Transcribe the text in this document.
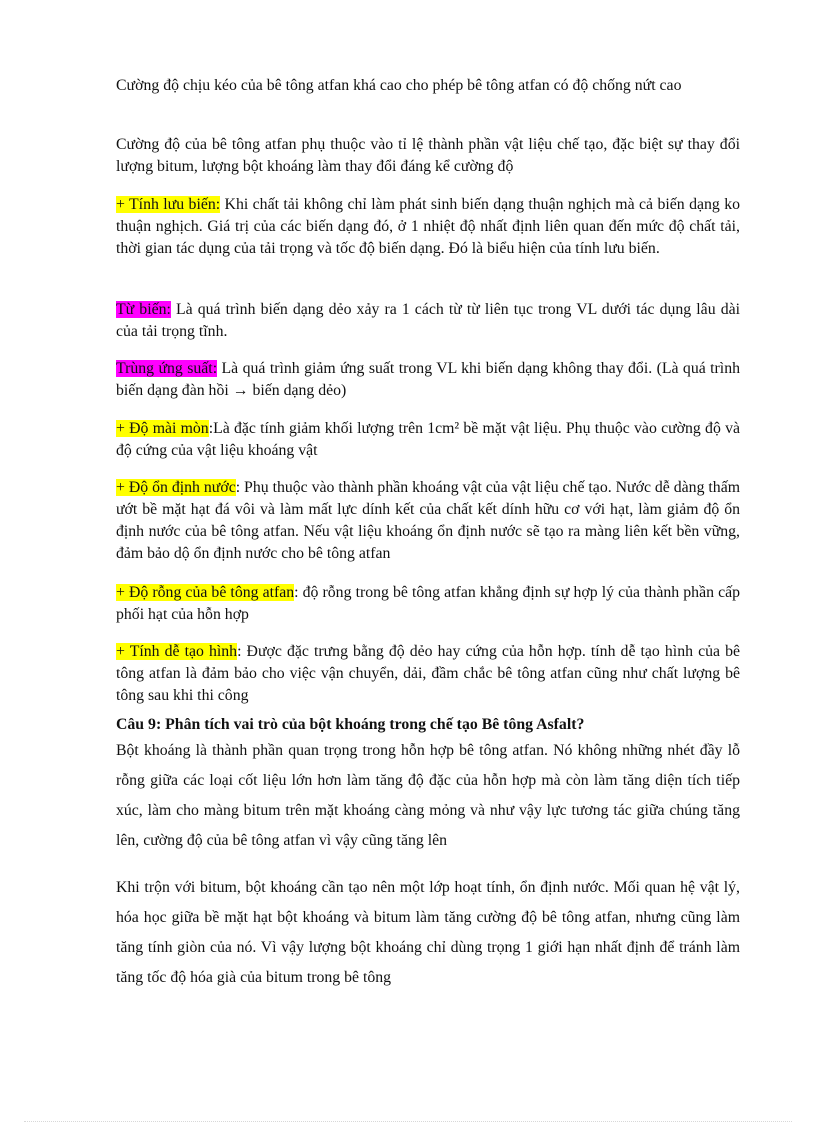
Cường độ chịu kéo của bê tông atfan khá cao cho phép bê tông atfan có độ chống nứt cao

Cường độ của bê tông atfan phụ thuộc vào tỉ lệ thành phần vật liệu chế tạo, đặc biệt sự thay đổi lượng bitum, lượng bột khoáng làm thay đổi đáng kể cường độ

+ Tính lưu biến: Khi chất tải không chỉ làm phát sinh biến dạng thuận nghịch mà cả biến dạng ko thuận nghịch. Giá trị của các biến dạng đó, ở 1 nhiệt độ nhất định liên quan đến mức độ chất tải, thời gian tác dụng của tải trọng và tốc độ biến dạng. Đó là biểu hiện của tính lưu biến.

Từ biến: Là quá trình biến dạng dẻo xảy ra 1 cách từ từ liên tục trong VL dưới tác dụng lâu dài của tải trọng tĩnh.

Trùng ứng suất: Là quá trình giảm ứng suất trong VL khi biến dạng không thay đổi. (Là quá trình biến dạng đàn hồi → biến dạng dẻo)

+ Độ mài mòn:Là đặc tính giảm khối lượng trên 1cm² bề mặt vật liệu. Phụ thuộc vào cường độ và độ cứng của vật liệu khoáng vật

+ Độ ổn định nước: Phụ thuộc vào thành phần khoáng vật của vật liệu chế tạo. Nước dễ dàng thấm ướt bề mặt hạt đá vôi và làm mất lực dính kết của chất kết dính hữu cơ với hạt, làm giảm độ ổn định nước của bê tông atfan. Nếu vật liệu khoáng ổn định nước sẽ tạo ra màng liên kết bền vững, đảm bảo dộ ổn định nước cho bê tông atfan

+ Độ rỗng của bê tông atfan: độ rỗng trong bê tông atfan khẳng định sự hợp lý của thành phần cấp phối hạt của hỗn hợp

+ Tính dễ tạo hình: Được đặc trưng bằng độ dẻo hay cứng của hỗn hợp. tính dễ tạo hình của bê tông atfan là đảm bảo cho việc vận chuyển, dải, đầm chắc bê tông atfan cũng như chất lượng bê tông sau khi thi công

Câu 9: Phân tích vai trò của bột khoáng trong chế tạo Bê tông Asfalt?
Bột khoáng là thành phần quan trọng trong hỗn hợp bê tông atfan. Nó không những nhét đầy lỗ rỗng giữa các loại cốt liệu lớn hơn làm tăng độ đặc của hỗn hợp mà còn làm tăng diện tích tiếp xúc, làm cho màng bitum trên mặt khoáng càng mỏng và như vậy lực tương tác giữa chúng tăng lên, cường độ của bê tông atfan vì vậy cũng tăng lên

Khi trộn với bitum, bột khoáng cần tạo nên một lớp hoạt tính, ổn định nước. Mối quan hệ vật lý, hóa học giữa bề mặt hạt bột khoáng và bitum làm tăng cường độ bê tông atfan, nhưng cũng làm tăng tính giòn của nó. Vì vậy lượng bột khoáng chỉ dùng trọng 1 giới hạn nhất định để tránh làm tăng tốc độ hóa già của bitum trong bê tông
